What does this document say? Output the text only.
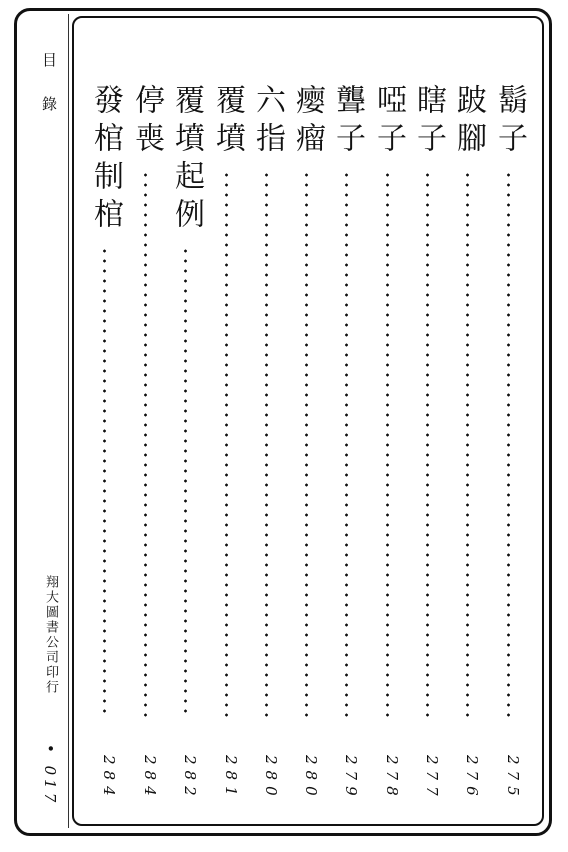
目 錄
翔大圖書公司印行
• 017
鬍子
275
跛腳
276
瞎子
277
啞子
278
聾子
279
瘿瘤
280
六指
280
覆墳
281
覆墳起例
282
停喪
284
發棺制棺
284
